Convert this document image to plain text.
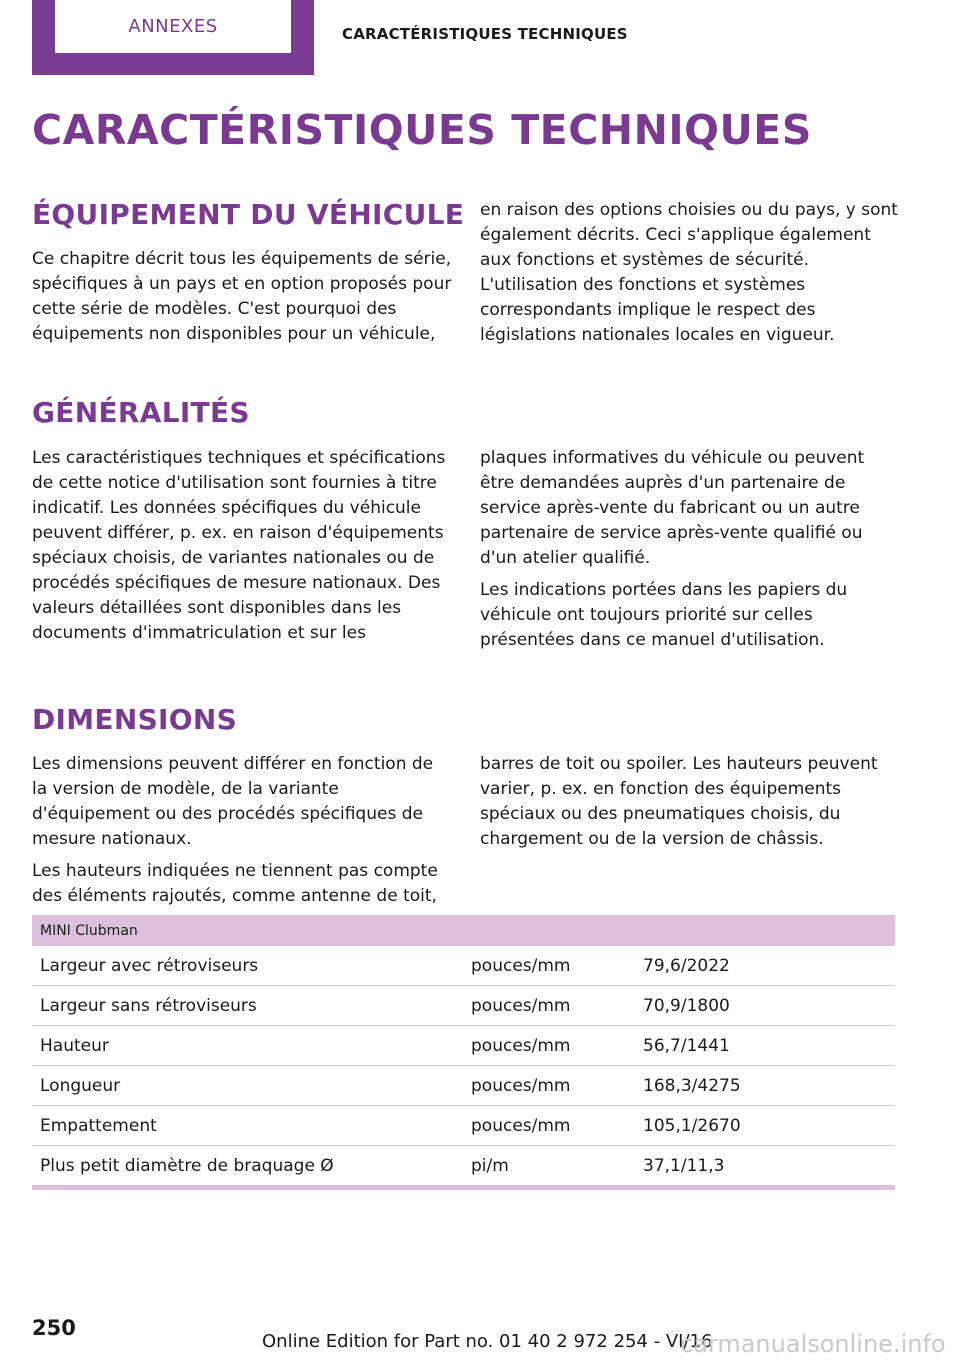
ANNEXES	CARACTÉRISTIQUES TECHNIQUES
CARACTÉRISTIQUES TECHNIQUES
ÉQUIPEMENT DU VÉHICULE

Ce chapitre décrit tous les équipements de série, spécifiques à un pays et en option proposés pour cette série de modèles. C'est pourquoi des équipements non disponibles pour un véhicule,

en raison des options choisies ou du pays, y sont également décrits. Ceci s'applique également aux fonctions et systèmes de sécurité. L'utilisation des fonctions et systèmes correspondants implique le respect des législations nationales locales en vigueur.

GÉNÉRALITÉS

Les caractéristiques techniques et spécifications de cette notice d'utilisation sont fournies à titre indicatif. Les données spécifiques du véhicule peuvent différer, p. ex. en raison d'équipements spéciaux choisis, de variantes nationales ou de procédés spécifiques de mesure nationaux. Des valeurs détaillées sont disponibles dans les documents d'immatriculation et sur les

plaques informatives du véhicule ou peuvent être demandées auprès d'un partenaire de service après-vente du fabricant ou un autre partenaire de service après-vente qualifié ou d'un atelier qualifié.

Les indications portées dans les papiers du véhicule ont toujours priorité sur celles présentées dans ce manuel d'utilisation.

DIMENSIONS

Les dimensions peuvent différer en fonction de la version de modèle, de la variante d'équipement ou des procédés spécifiques de mesure nationaux.

Les hauteurs indiquées ne tiennent pas compte des éléments rajoutés, comme antenne de toit,

barres de toit ou spoiler. Les hauteurs peuvent varier, p. ex. en fonction des équipements spéciaux ou des pneumatiques choisis, du chargement ou de la version de châssis.

MINI Clubman		
Largeur avec rétroviseurs	pouces/mm	79,6/2022
Largeur sans rétroviseurs	pouces/mm	70,9/1800
Hauteur	pouces/mm	56,7/1441
Longueur	pouces/mm	168,3/4275
Empattement	pouces/mm	105,1/2670
Plus petit diamètre de braquage Ø	pi/m	37,1/11,3
250
Online Edition for Part no. 01 40 2 972 254 - VI/16
carmanualsonline.info
